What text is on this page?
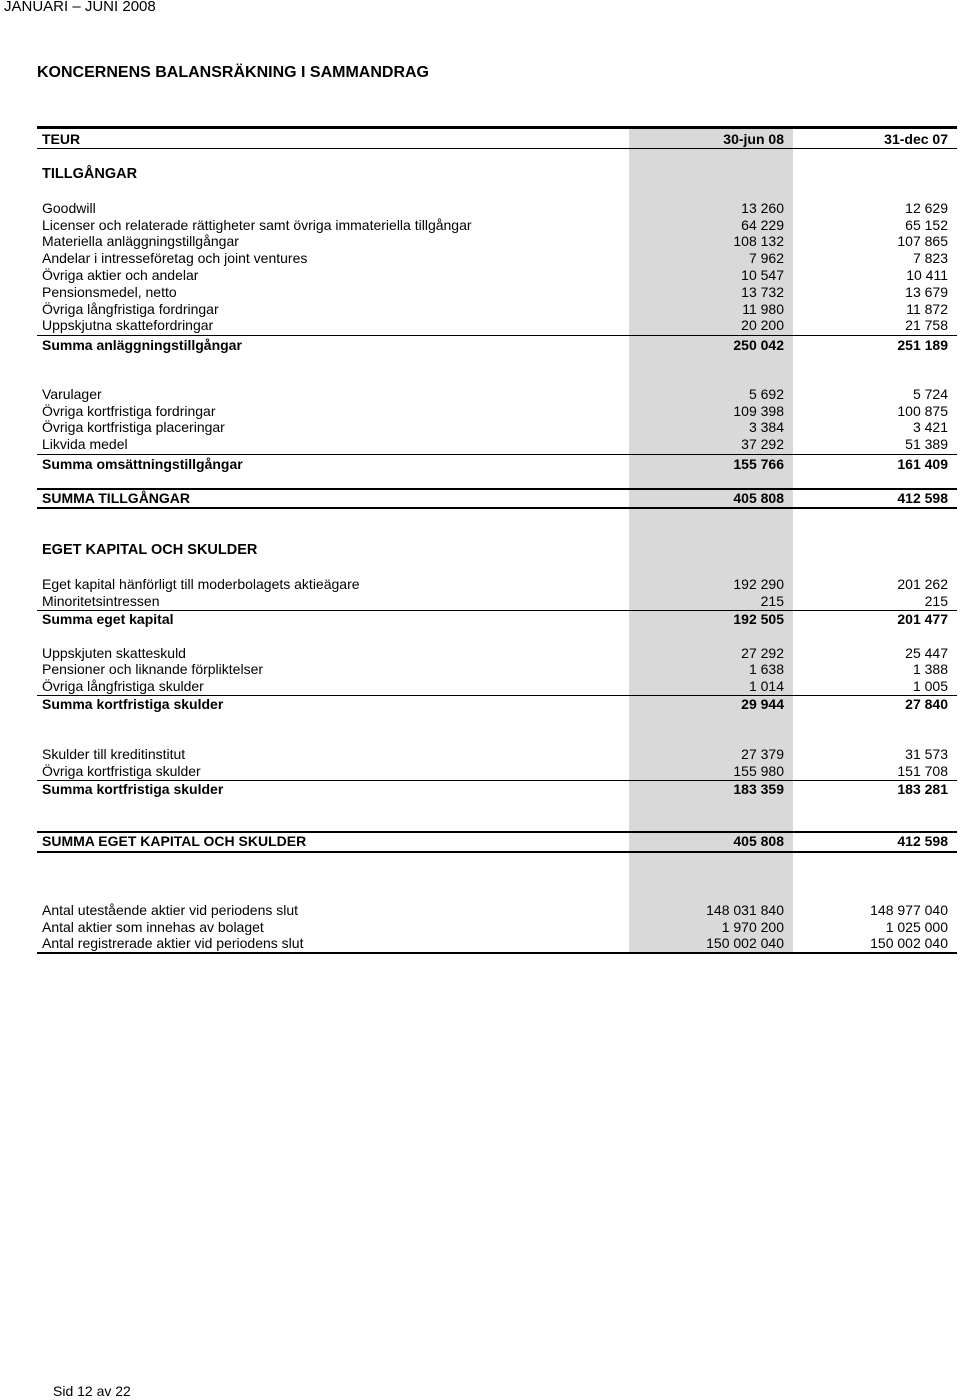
JANUARI – JUNI 2008
KONCERNENS BALANSRÄKNING I SAMMANDRAG
TEUR	30-jun 08	31-dec 07
TILLGÅNGAR
Goodwill	13 260	12 629
Licenser och relaterade rättigheter samt övriga immateriella tillgångar	64 229	65 152
Materiella anläggningstillgångar	108 132	107 865
Andelar i intresseföretag och joint ventures	7 962	7 823
Övriga aktier och andelar	10 547	10 411
Pensionsmedel, netto	13 732	13 679
Övriga långfristiga fordringar	11 980	11 872
Uppskjutna skattefordringar	20 200	21 758
Summa anläggningstillgångar	250 042	251 189
Varulager	5 692	5 724
Övriga kortfristiga fordringar	109 398	100 875
Övriga kortfristiga placeringar	3 384	3 421
Likvida medel	37 292	51 389
Summa omsättningstillgångar	155 766	161 409
SUMMA TILLGÅNGAR	405 808	412 598
EGET KAPITAL OCH SKULDER
Eget kapital hänförligt till moderbolagets aktieägare	192 290	201 262
Minoritetsintressen	215	215
Summa eget kapital	192 505	201 477
Uppskjuten skatteskuld	27 292	25 447
Pensioner och liknande förpliktelser	1 638	1 388
Övriga långfristiga skulder	1 014	1 005
Summa kortfristiga skulder	29 944	27 840
Skulder till kreditinstitut	27 379	31 573
Övriga kortfristiga skulder	155 980	151 708
Summa kortfristiga skulder	183 359	183 281
SUMMA EGET KAPITAL OCH SKULDER	405 808	412 598
Antal utestående aktier vid periodens slut	148 031 840	148 977 040
Antal aktier som innehas av bolaget	1 970 200	1 025 000
Antal registrerade aktier vid periodens slut	150 002 040	150 002 040
Sid 12 av 22
